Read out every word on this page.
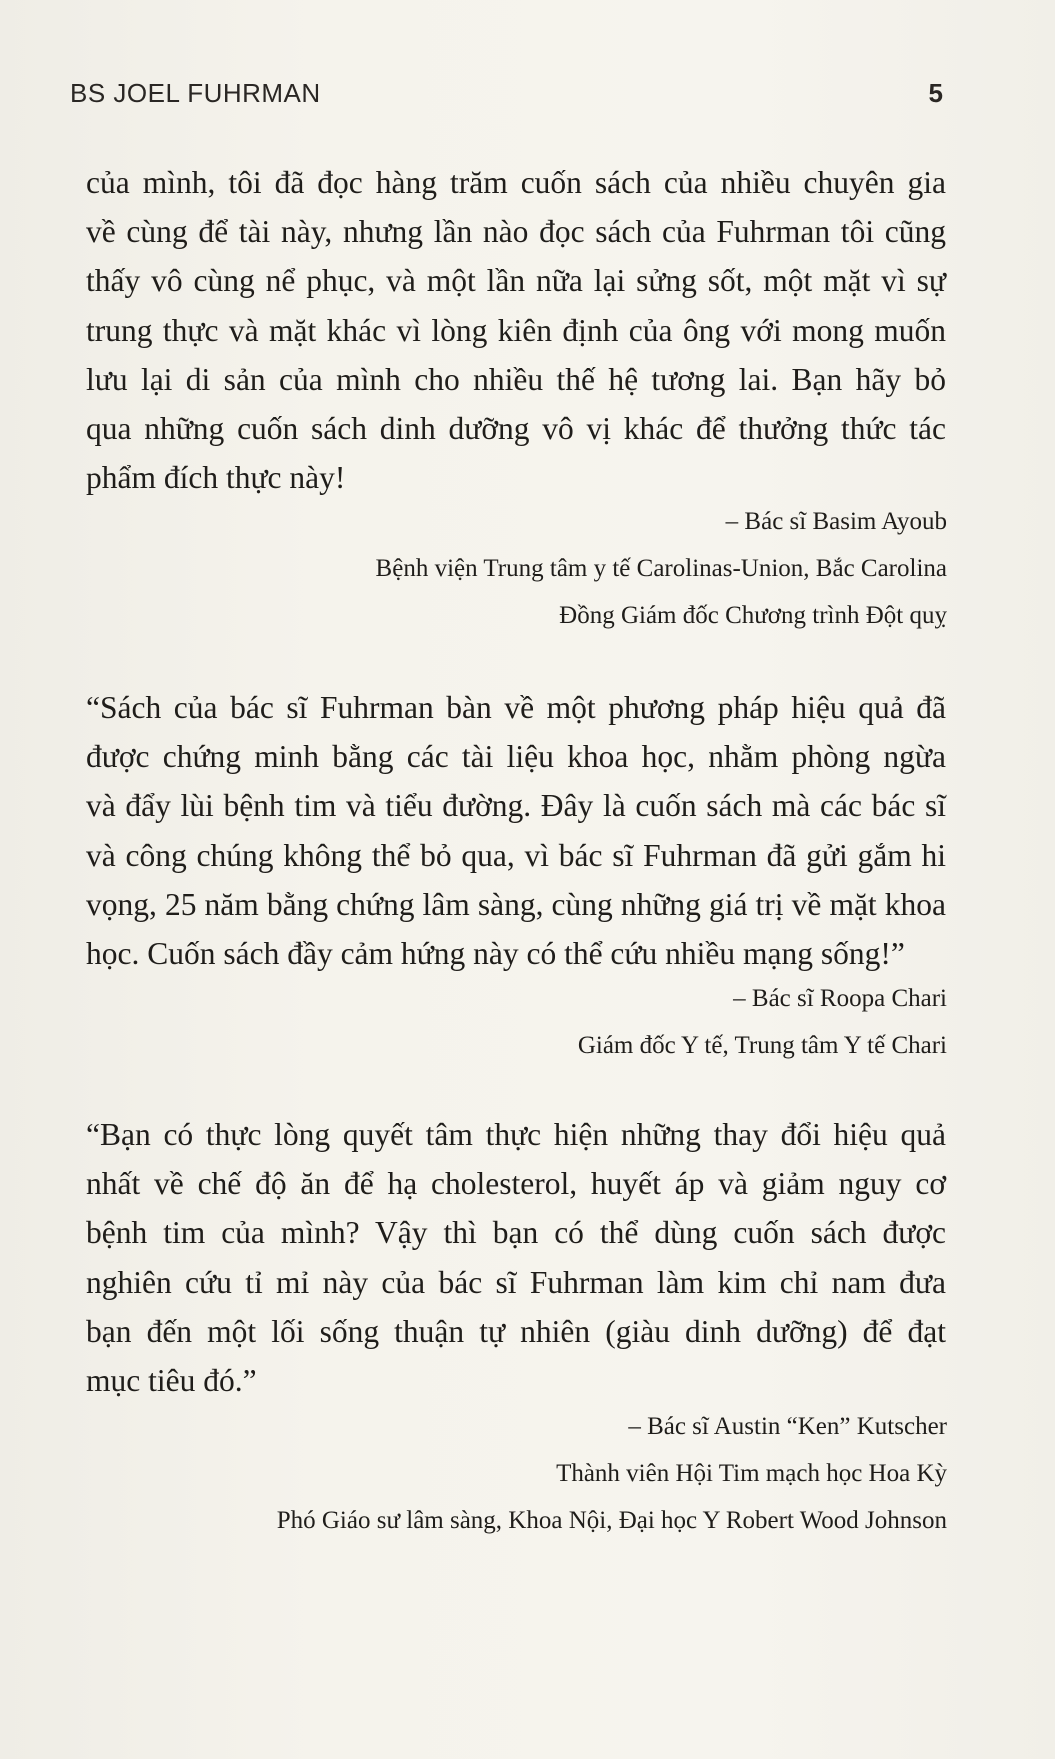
BS JOEL FUHRMAN	5
của mình, tôi đã đọc hàng trăm cuốn sách của nhiều chuyên gia
về cùng để tài này, nhưng lần nào đọc sách của Fuhrman tôi cũng
thấy vô cùng nể phục, và một lần nữa lại sửng sốt, một mặt vì sự
trung thực và mặt khác vì lòng kiên định của ông với mong muốn
lưu lại di sản của mình cho nhiều thế hệ tương lai. Bạn hãy bỏ
qua những cuốn sách dinh dưỡng vô vị khác để thưởng thức tác
phẩm đích thực này!
– Bác sĩ Basim Ayoub
Bệnh viện Trung tâm y tế Carolinas-Union, Bắc Carolina
Đồng Giám đốc Chương trình Đột quỵ
“Sách của bác sĩ Fuhrman bàn về một phương pháp hiệu quả đã
được chứng minh bằng các tài liệu khoa học, nhằm phòng ngừa
và đẩy lùi bệnh tim và tiểu đường. Đây là cuốn sách mà các bác sĩ
và công chúng không thể bỏ qua, vì bác sĩ Fuhrman đã gửi gắm hi
vọng, 25 năm bằng chứng lâm sàng, cùng những giá trị về mặt khoa
học. Cuốn sách đầy cảm hứng này có thể cứu nhiều mạng sống!”
– Bác sĩ Roopa Chari
Giám đốc Y tế, Trung tâm Y tế Chari
“Bạn có thực lòng quyết tâm thực hiện những thay đổi hiệu quả
nhất về chế độ ăn để hạ cholesterol, huyết áp và giảm nguy cơ
bệnh tim của mình? Vậy thì bạn có thể dùng cuốn sách được
nghiên cứu tỉ mỉ này của bác sĩ Fuhrman làm kim chỉ nam đưa
bạn đến một lối sống thuận tự nhiên (giàu dinh dưỡng) để đạt
mục tiêu đó.”
– Bác sĩ Austin “Ken” Kutscher
Thành viên Hội Tim mạch học Hoa Kỳ
Phó Giáo sư lâm sàng, Khoa Nội, Đại học Y Robert Wood Johnson
